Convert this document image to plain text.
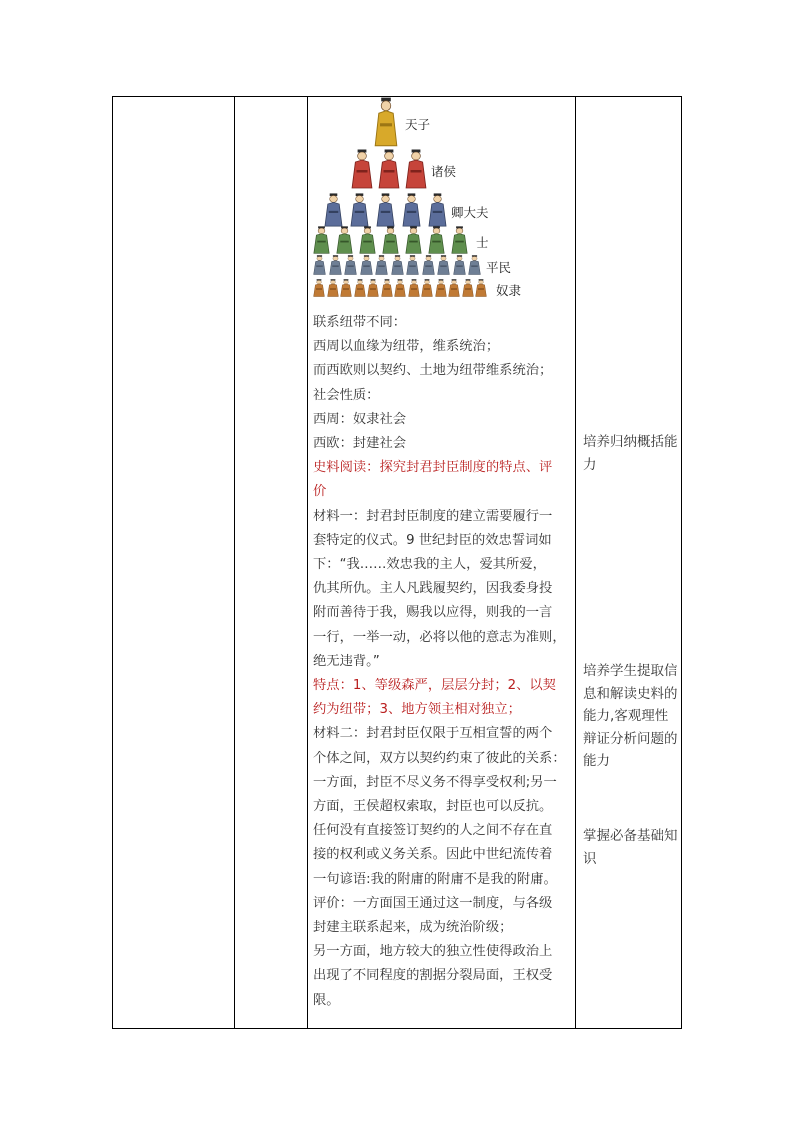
天子
诸侯
卿大夫
士
平民
奴隶

联系纽带不同：

西周以血缘为纽带，维系统治；

而西欧则以契约、土地为纽带维系统治；

社会性质：

西周：奴隶社会

西欧：封建社会

史料阅读：探究封君封臣制度的特点、评

价

材料一：封君封臣制度的建立需要履行一

套特定的仪式。9 世纪封臣的效忠誓词如

下：“我……效忠我的主人，爱其所爱，

仇其所仇。主人凡践履契约，因我委身投

附而善待于我，赐我以应得，则我的一言

一行，一举一动，必将以他的意志为准则，

绝无违背。”

特点：1、等级森严，层层分封；2、以契

约为纽带；3、地方领主相对独立；

材料二：封君封臣仅限于互相宣誓的两个

个体之间，双方以契约约束了彼此的关系：

一方面，封臣不尽义务不得享受权利;另一

方面，王侯超权索取，封臣也可以反抗。

任何没有直接签订契约的人之间不存在直

接的权利或义务关系。因此中世纪流传着

一句谚语:我的附庸的附庸不是我的附庸。

评价：一方面国王通过这一制度，与各级

封建主联系起来，成为统治阶级；

另一方面，地方较大的独立性使得政治上

出现了不同程度的割据分裂局面，王权受

限。

培养归纳概括能力
培养学生提取信息和解读史料的能力,客观理性辩证分析问题的能力
掌握必备基础知识
